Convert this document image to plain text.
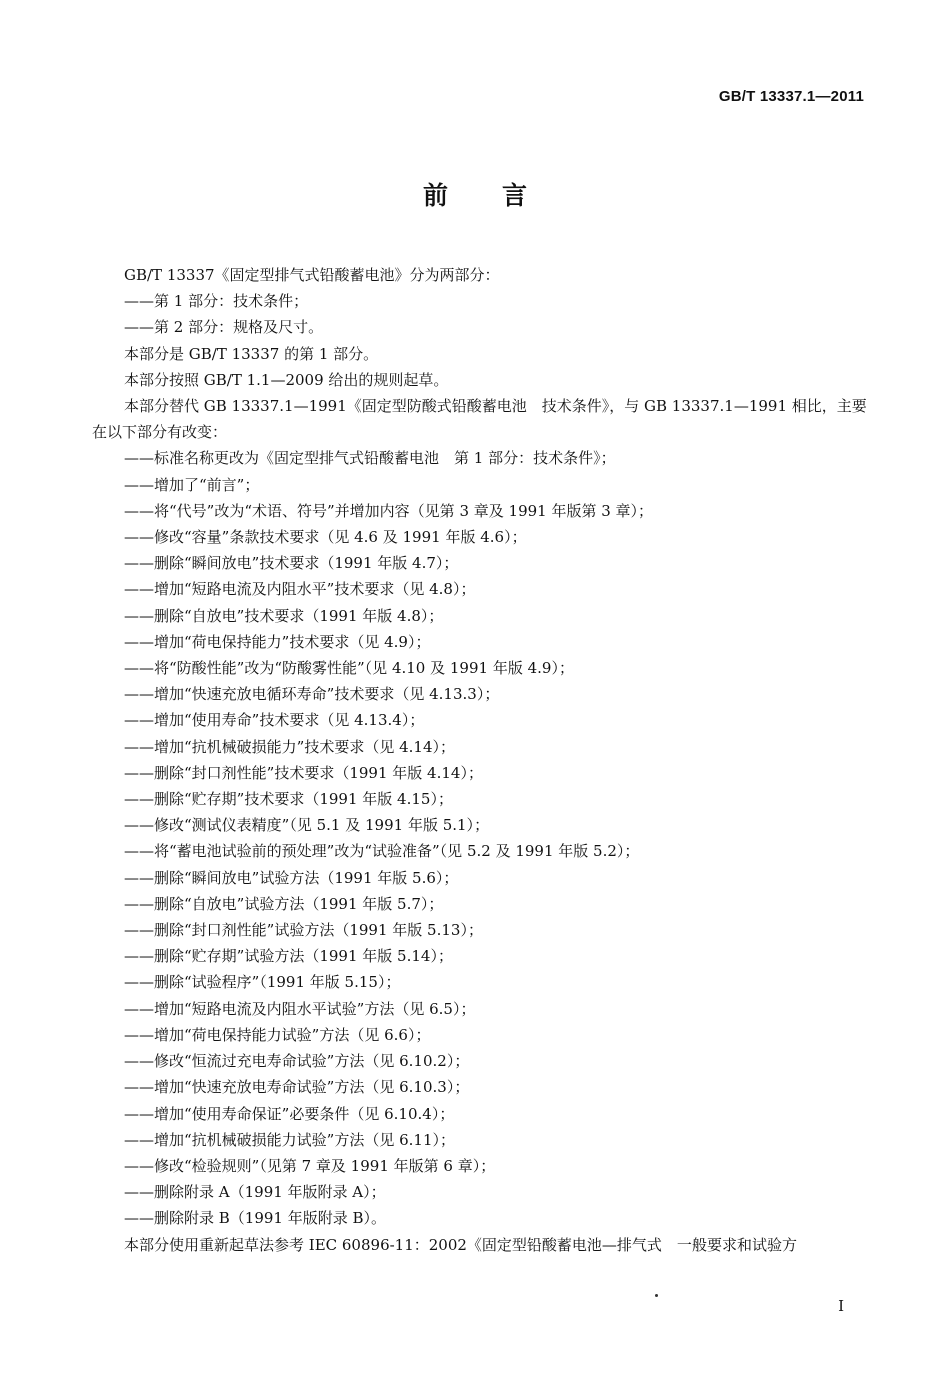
GB/T 13337.1—2011
前言

GB/T 13337《固定型排气式铅酸蓄电池》分为两部分：

——第 1 部分：技术条件；

——第 2 部分：规格及尺寸。

本部分是 GB/T 13337 的第 1 部分。

本部分按照 GB/T 1.1—2009 给出的规则起草。

本部分替代 GB 13337.1—1991《固定型防酸式铅酸蓄电池　技术条件》，与 GB 13337.1—1991 相比，主要在以下部分有改变：

——标准名称更改为《固定型排气式铅酸蓄电池　第 1 部分：技术条件》；

——增加了“前言”；

——将“代号”改为“术语、符号”并增加内容（见第 3 章及 1991 年版第 3 章）；

——修改“容量”条款技术要求（见 4.6 及 1991 年版 4.6）；

——删除“瞬间放电”技术要求（1991 年版 4.7）；

——增加“短路电流及内阻水平”技术要求（见 4.8）；

——删除“自放电”技术要求（1991 年版 4.8）；

——增加“荷电保持能力”技术要求（见 4.9）；

——将“防酸性能”改为“防酸雾性能”（见 4.10 及 1991 年版 4.9）；

——增加“快速充放电循环寿命”技术要求（见 4.13.3）；

——增加“使用寿命”技术要求（见 4.13.4）；

——增加“抗机械破损能力”技术要求（见 4.14）；

——删除“封口剂性能”技术要求（1991 年版 4.14）；

——删除“贮存期”技术要求（1991 年版 4.15）；

——修改“测试仪表精度”（见 5.1 及 1991 年版 5.1）；

——将“蓄电池试验前的预处理”改为“试验准备”（见 5.2 及 1991 年版 5.2）；

——删除“瞬间放电”试验方法（1991 年版 5.6）；

——删除“自放电”试验方法（1991 年版 5.7）；

——删除“封口剂性能”试验方法（1991 年版 5.13）；

——删除“贮存期”试验方法（1991 年版 5.14）；

——删除“试验程序”（1991 年版 5.15）；

——增加“短路电流及内阻水平试验”方法（见 6.5）；

——增加“荷电保持能力试验”方法（见 6.6）；

——修改“恒流过充电寿命试验”方法（见 6.10.2）；

——增加“快速充放电寿命试验”方法（见 6.10.3）；

——增加“使用寿命保证”必要条件（见 6.10.4）；

——增加“抗机械破损能力试验”方法（见 6.11）；

——修改“检验规则”（见第 7 章及 1991 年版第 6 章）；

——删除附录 A（1991 年版附录 A）；

——删除附录 B（1991 年版附录 B）。

本部分使用重新起草法参考 IEC 60896-11：2002《固定型铅酸蓄电池—排气式　一般要求和试验方

I
